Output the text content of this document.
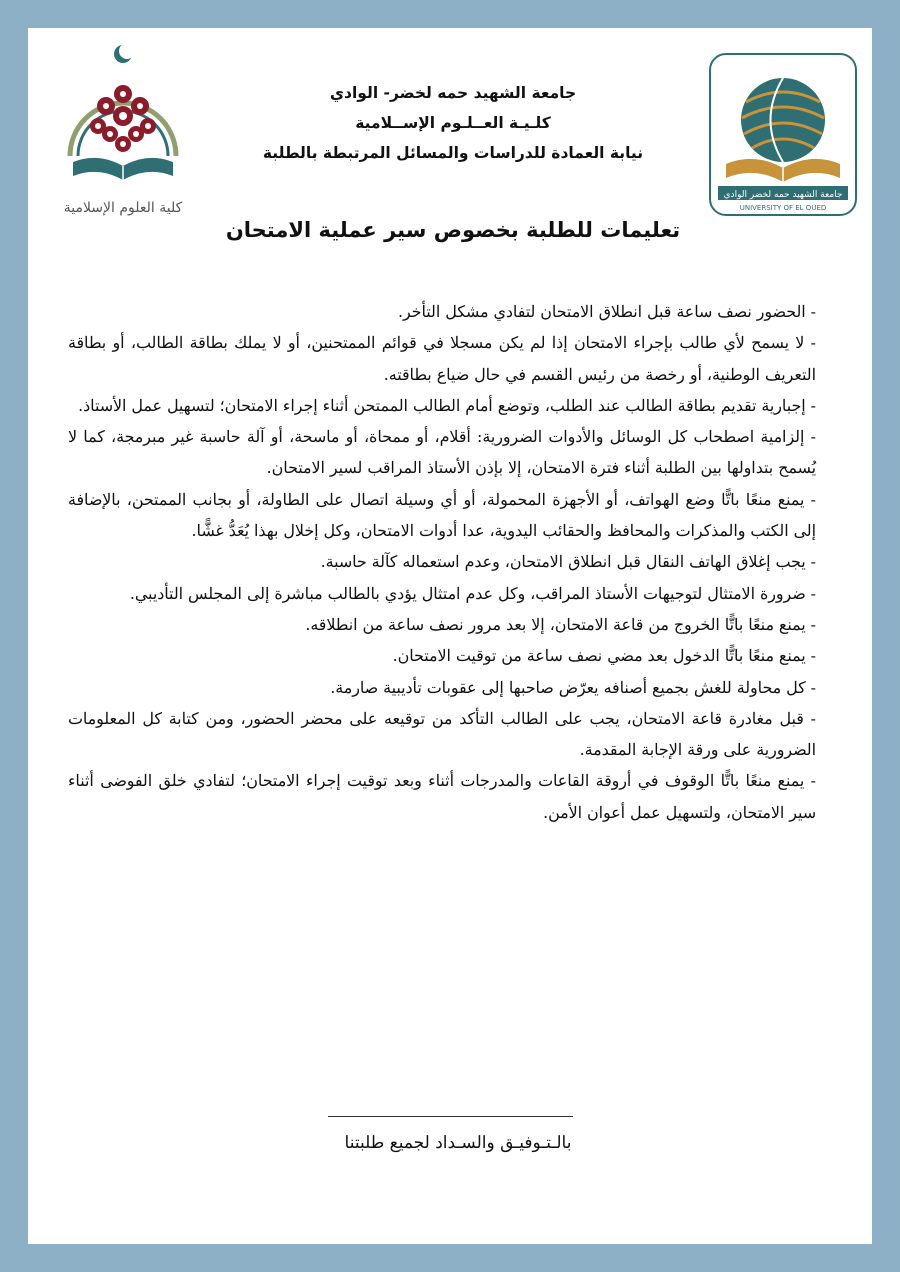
كلية العلوم الإسلامية
جامعة الشهيد حمه لخضر- الوادي
كلـيـة العــلـوم الإســلامية
نيابة العمادة للدراسات والمسائل المرتبطة بالطلبة
جامعة الشهيد حمه لخضر الوادي
UNIVERSITY OF EL OUED
تعليمات للطلبة بخصوص سير عملية الامتحان

- الحضور نصف ساعة قبل انطلاق الامتحان لتفادي مشكل التأخر.

- لا يسمح لأي طالب بإجراء الامتحان إذا لم يكن مسجلا في قوائم الممتحنين، أو لا يملك بطاقة الطالب، أو بطاقة التعريف الوطنية، أو رخصة من رئيس القسم في حال ضياع بطاقته.

- إجبارية تقديم بطاقة الطالب عند الطلب، وتوضع أمام الطالب الممتحن أثناء إجراء الامتحان؛ لتسهيل عمل الأستاذ.

- إلزامية اصطحاب كل الوسائل والأدوات الضرورية: أقلام، أو ممحاة، أو ماسحة، أو آلة حاسبة غير مبرمجة، كما لا يُسمح بتداولها بين الطلبة أثناء فترة الامتحان، إلا بإذن الأستاذ المراقب لسير الامتحان.

- يمنع منعًا باتًّا وضع الهواتف، أو الأجهزة المحمولة، أو أي وسيلة اتصال على الطاولة، أو بجانب الممتحن، بالإضافة إلى الكتب والمذكرات والمحافظ والحقائب اليدوية، عدا أدوات الامتحان، وكل إخلال بهذا يُعَدُّ غشًّا.

- يجب إغلاق الهاتف النقال قبل انطلاق الامتحان، وعدم استعماله كآلة حاسبة.

- ضرورة الامتثال لتوجيهات الأستاذ المراقب، وكل عدم امتثال يؤدي بالطالب مباشرة إلى المجلس التأديبي.

- يمنع منعًا باتًّا الخروج من قاعة الامتحان، إلا بعد مرور نصف ساعة من انطلاقه.

- يمنع منعًا باتًّا الدخول بعد مضي نصف ساعة من توقيت الامتحان.

- كل محاولة للغش بجميع أصنافه يعرّض صاحبها إلى عقوبات تأديبية صارمة.

- قبل مغادرة قاعة الامتحان، يجب على الطالب التأكد من توقيعه على محضر الحضور، ومن كتابة كل المعلومات الضرورية على ورقة الإجابة المقدمة.

- يمنع منعًا باتًّا الوقوف في أروقة القاعات والمدرجات أثناء وبعد توقيت إجراء الامتحان؛ لتفادي خلق الفوضى أثناء سير الامتحان، ولتسهيل عمل أعوان الأمن.

بالـتـوفيـق والسـداد لجميع طلبتنا
